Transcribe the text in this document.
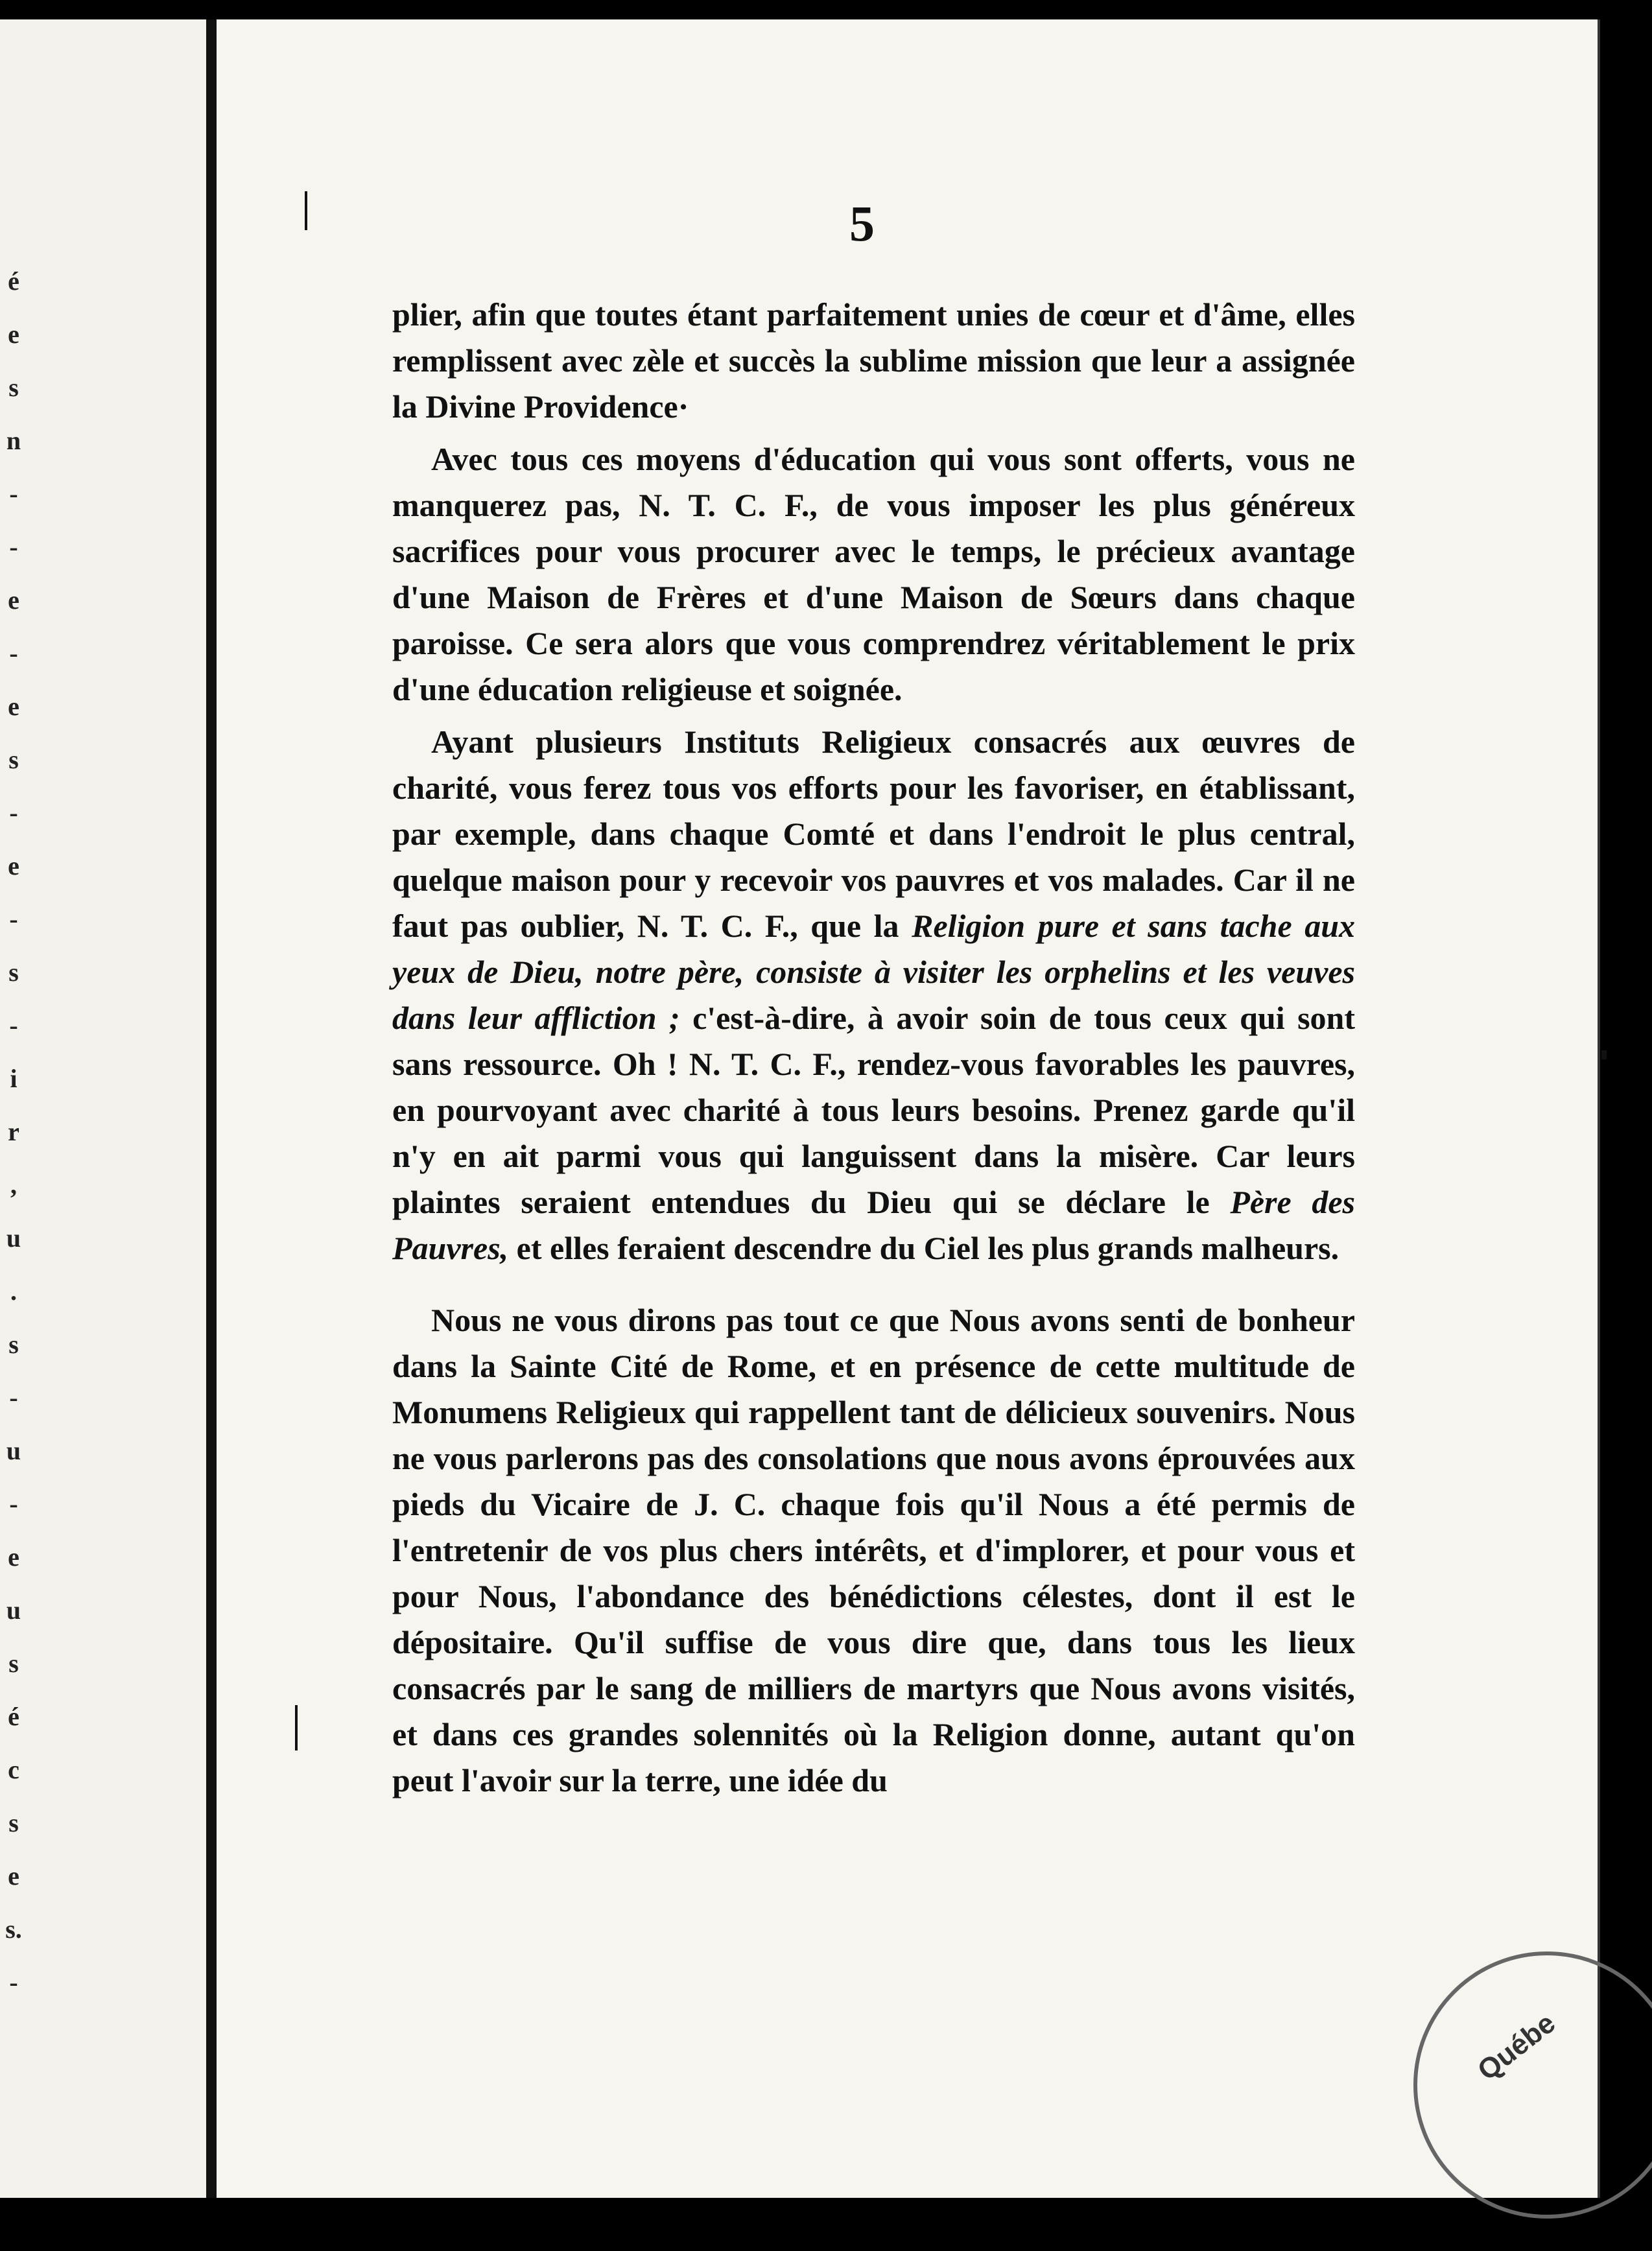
é
e
s
n
-
-
e
-
e
s
-
e
-
s
-
i
r
,
u
.
s
-
u
-
e
u
s
é
c
s
e
s.
-
5

plier, afin que toutes étant parfaitement unies de cœur et d'âme, elles remplissent avec zèle et succès la sublime mission que leur a assignée la Divine Providence·

Avec tous ces moyens d'éducation qui vous sont offerts, vous ne manquerez pas, N. T. C. F., de vous imposer les plus généreux sacrifices pour vous procurer avec le temps, le précieux avantage d'une Maison de Frères et d'une Maison de Sœurs dans chaque paroisse. Ce sera alors que vous comprendrez véritablement le prix d'une éducation religieuse et soignée.

Ayant plusieurs Instituts Religieux consacrés aux œuvres de charité, vous ferez tous vos efforts pour les favoriser, en établissant, par exemple, dans chaque Comté et dans l'endroit le plus central, quelque maison pour y recevoir vos pauvres et vos malades. Car il ne faut pas oublier, N. T. C. F., que la Religion pure et sans tache aux yeux de Dieu, notre père, consiste à visiter les orphelins et les veuves dans leur affliction ; c'est-à-dire, à avoir soin de tous ceux qui sont sans ressource. Oh ! N. T. C. F., rendez-vous favorables les pauvres, en pourvoyant avec charité à tous leurs besoins. Prenez garde qu'il n'y en ait parmi vous qui languissent dans la misère. Car leurs plaintes seraient entendues du Dieu qui se déclare le Père des Pauvres, et elles feraient descendre du Ciel les plus grands malheurs.

Nous ne vous dirons pas tout ce que Nous avons senti de bonheur dans la Sainte Cité de Rome, et en présence de cette multitude de Monumens Religieux qui rappellent tant de délicieux souvenirs. Nous ne vous parlerons pas des consolations que nous avons éprouvées aux pieds du Vicaire de J. C. chaque fois qu'il Nous a été permis de l'entretenir de vos plus chers intérêts, et d'implorer, et pour vous et pour Nous, l'abondance des bénédictions célestes, dont il est le dépositaire. Qu'il suffise de vous dire que, dans tous les lieux consacrés par le sang de milliers de martyrs que Nous avons visités, et dans ces grandes solennités où la Religion donne, autant qu'on peut l'avoir sur la terre, une idée du

Québe
